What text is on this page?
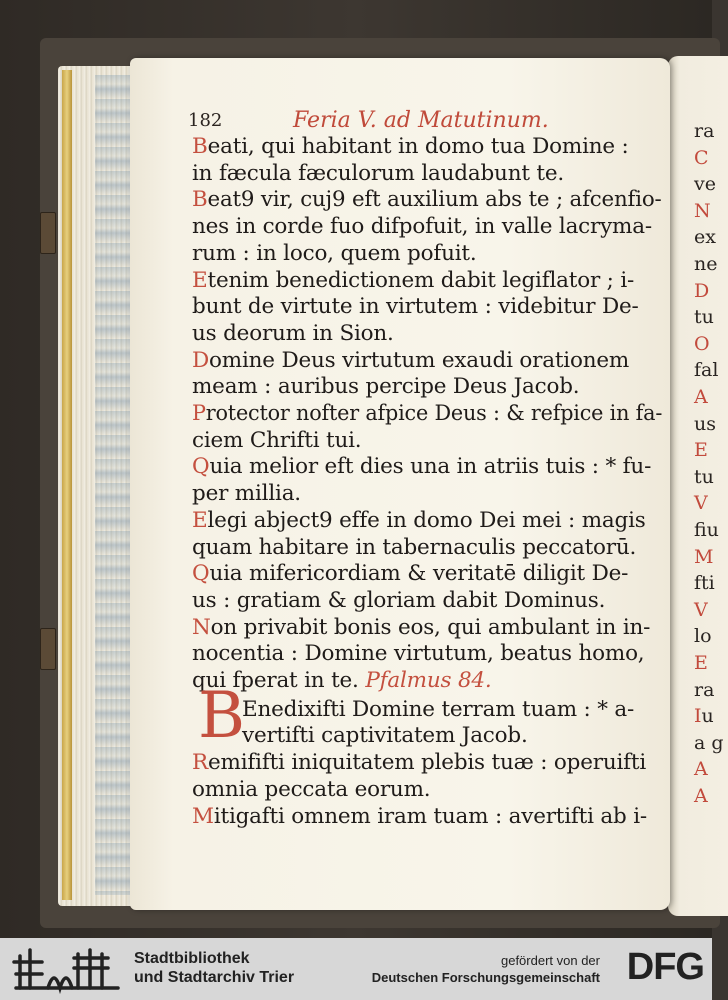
ra
C
ve
N
ex
ne
D
tu
O
fal
A
us
E
tu
V
fiu
M
fti
V
lo
E
ra
Iu
a g
A
A
182	Feria V. ad Matutinum.
Beati, qui habitant in domo tua Domine :
in fæcula fæculorum laudabunt te.
Beat9 vir, cuj9 eft auxilium abs te ; afcenfio-
nes in corde fuo difpofuit, in valle lacryma-
rum : in loco, quem pofuit.
Etenim benedictionem dabit legiflator ; i-
bunt de virtute in virtutem : videbitur De-
us deorum in Sion.
Domine Deus virtutum exaudi orationem
meam : auribus percipe Deus Jacob.
Protector nofter afpice Deus : & refpice in fa-
ciem Chrifti tui.
Quia melior eft dies una in atriis tuis : * fu-
per millia.
Elegi abject9 effe in domo Dei mei : magis
quam habitare in tabernaculis peccatorū.
Quia mifericordiam & veritatē diligit De-
us : gratiam & gloriam dabit Dominus.
Non privabit bonis eos, qui ambulant in in-
nocentia : Domine virtutum, beatus homo,
qui fperat in te. Pfalmus 84.
Enedixifti Domine terram tuam : * a-
vertifti captivitatem Jacob.
Remififti iniquitatem plebis tuæ : operuifti
omnia peccata eorum.
Mitigafti omnem iram tuam : avertifti ab i-
B
Stadtbibliothek
und Stadtarchiv Trier
gefördert von der
Deutschen Forschungsgemeinschaft DFG
